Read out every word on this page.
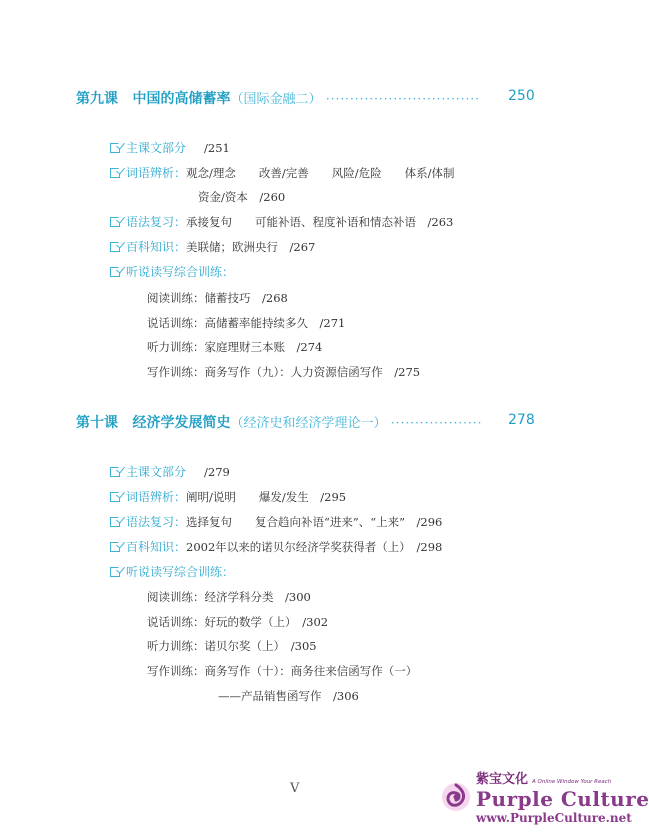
第九课 中国的高储蓄率（国际金融二） ································ 250
主课文部分 /251
词语辨析： 观念/理念　　改善/完善　　风险/危险　　体系/体制
资金/资本　/260
语法复习： 承接复句　　可能补语、程度补语和情态补语　/263
百科知识： 美联储；欧洲央行　/267
听说读写综合训练：
阅读训练：储蓄技巧　/268
说话训练：高储蓄率能持续多久　/271
听力训练：家庭理财三本账　/274
写作训练：商务写作（九）：人力资源信函写作　/275
第十课 经济学发展简史（经济史和经济学理论一） ··················· 278
主课文部分 /279
词语辨析： 阐明/说明　　爆发/发生　/295
语法复习： 选择复句　　复合趋向补语“进来”、“上来”　/296
百科知识： 2002年以来的诺贝尔经济学奖获得者（上）　/298
听说读写综合训练：
阅读训练：经济学科分类　/300
说话训练：好玩的数学（上）　/302
听力训练：诺贝尔奖（上）　/305
写作训练：商务写作（十）：商务往来信函写作（一）
——产品销售函写作　/306
V
紫宝文化 A Online Window Your Reach
Purple Culture
www.PurpleCulture.net
